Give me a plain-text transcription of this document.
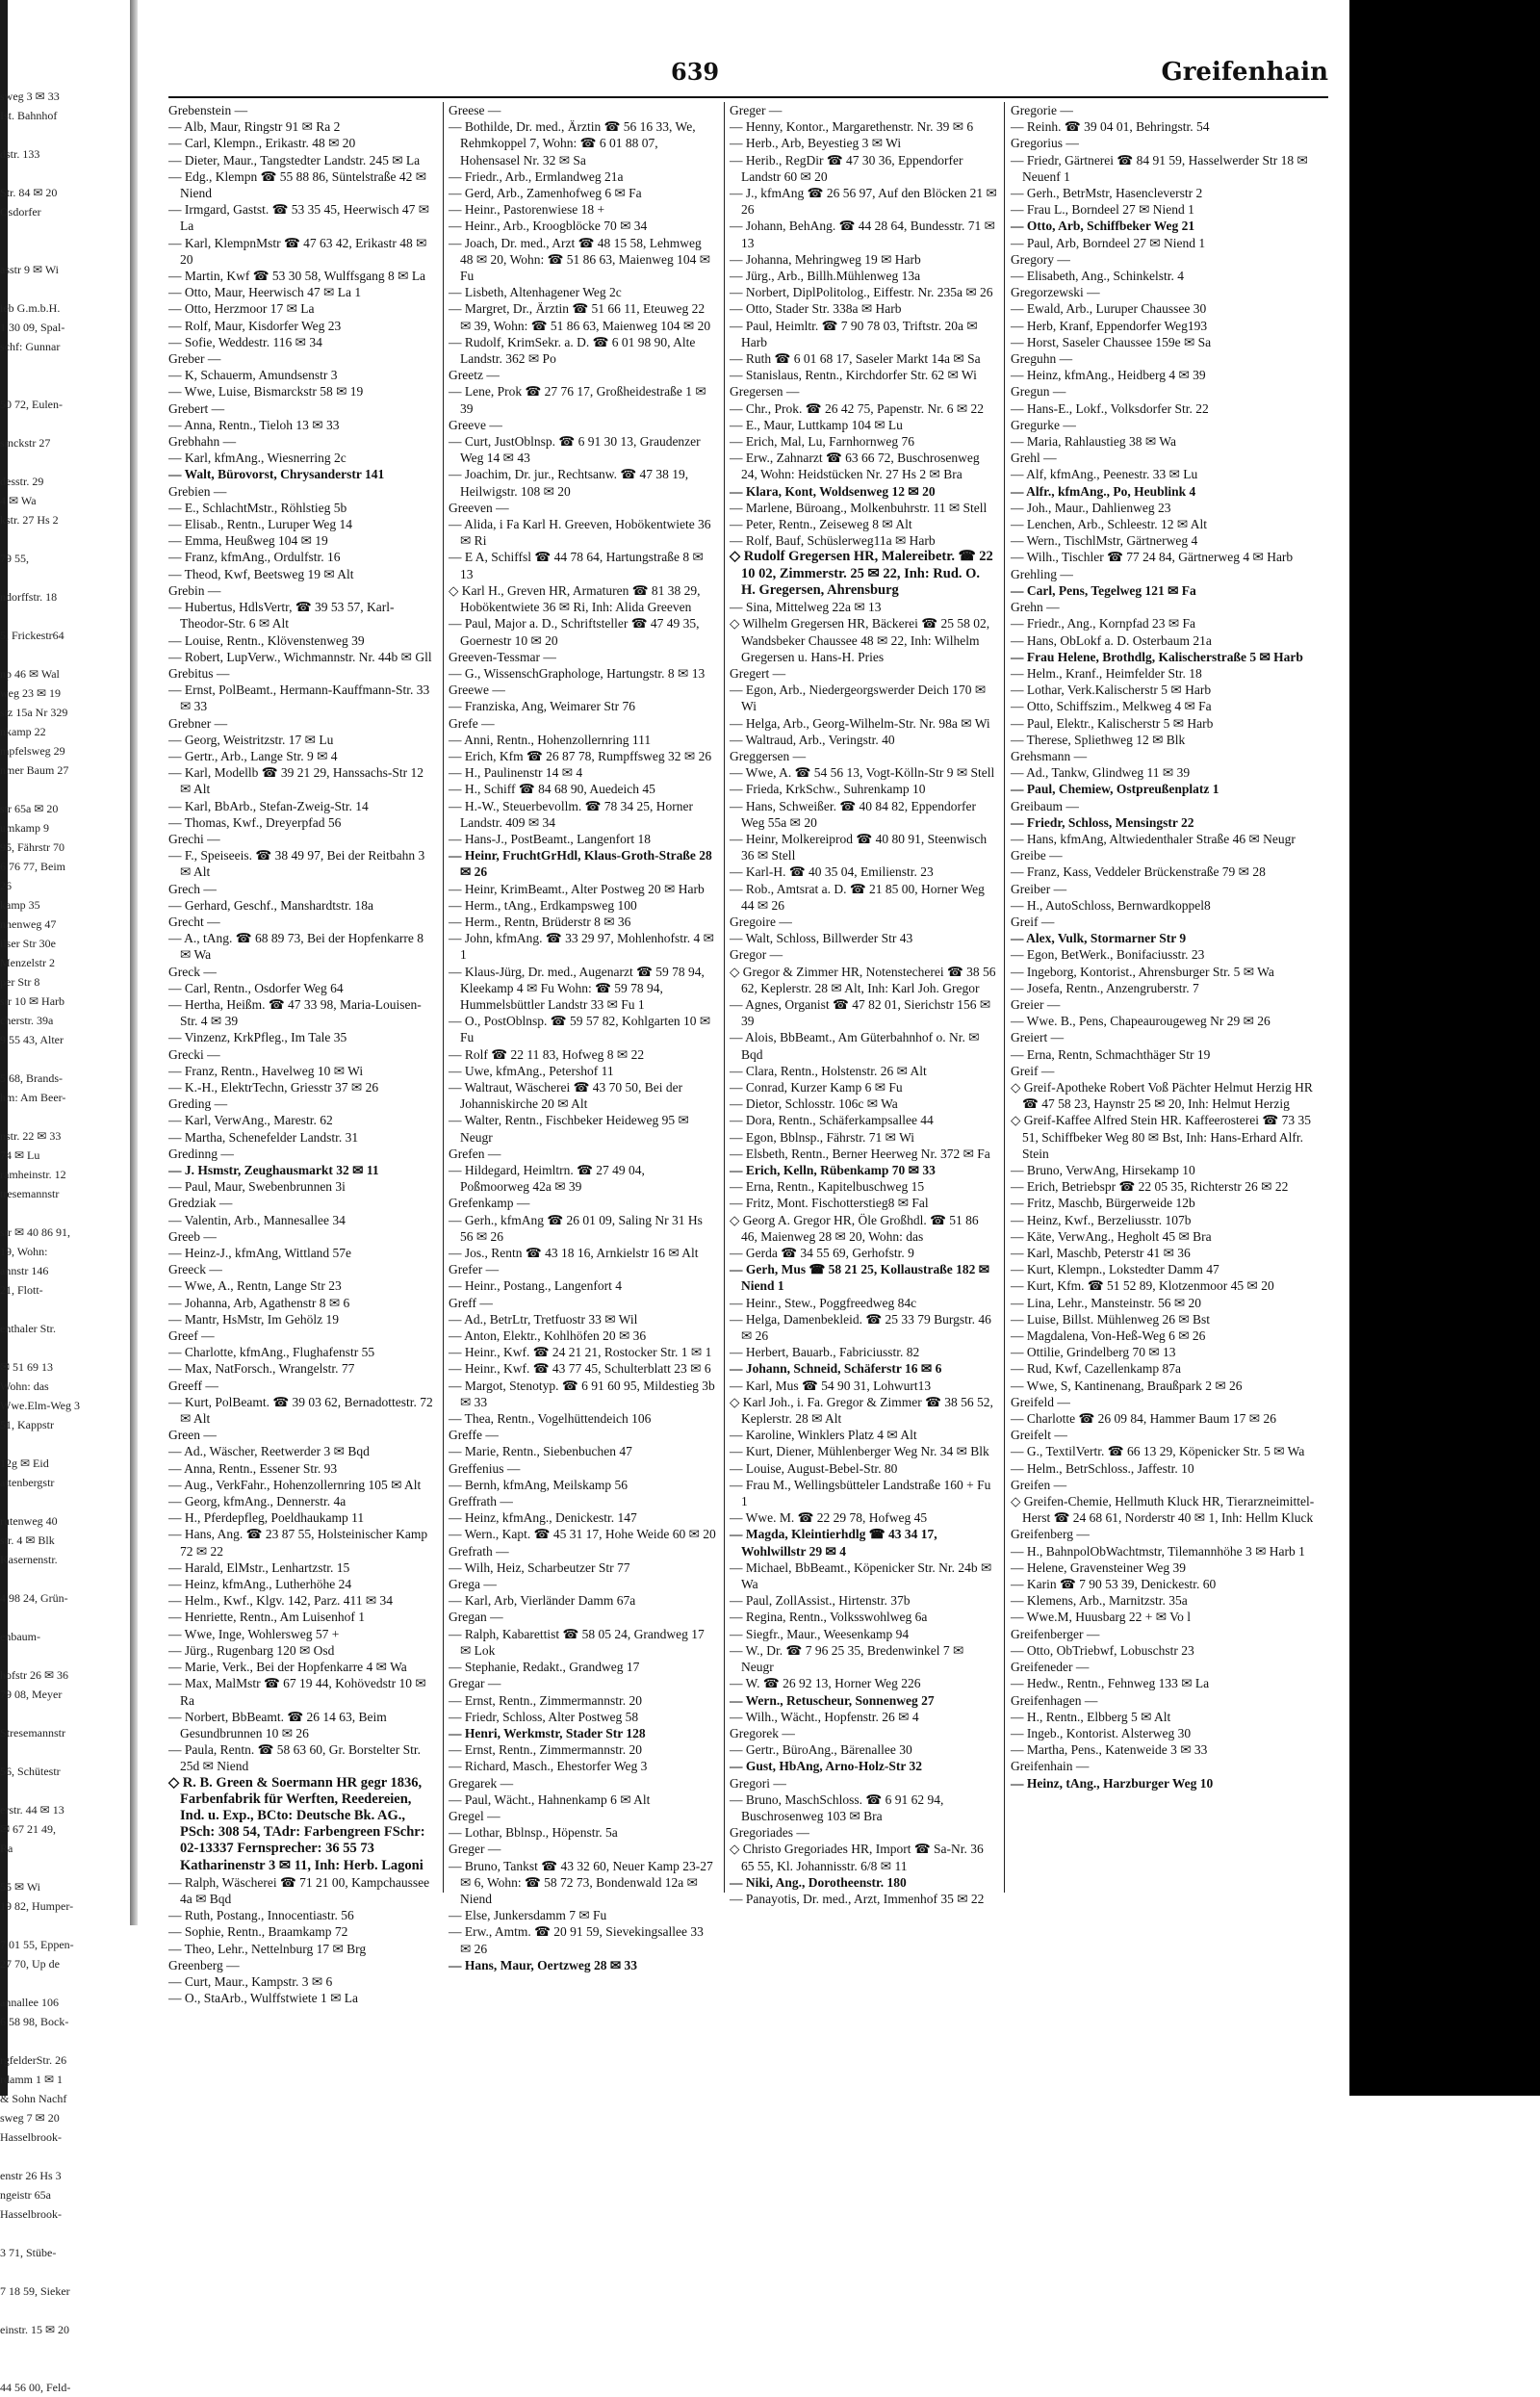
sweg 3 ✉ 33
Ist. Bahnhof

dstr. 133

Str. 84 ✉ 20
Osdorfer

asstr 9 ✉ Wi

ieb G.m.b.H.
1 30 09, Spal-
schf: Gunnar

50 72, Eulen-

sinckstr 27

desstr. 29
4 ✉ Wa
kstr. 27 Hs 2

79 55,

ndorffstr. 18

5, Frickestr64

np 46 ✉ Wal
weg 23 ✉ 19
stz 15a Nr 329
nkamp 22
mpfelsweg 29
nmer Baum 27

str 65a ✉ 20
umkamp 9
95, Fährstr 70
6 76 77, Beim
26
kamp 35
nnenweg 47
ilser Str 30e
Menzelstr 2
per Str 8
str 10 ✉ Harb
cherstr. 39a
9 55 43, Alter

5 68, Brands-
hm: Am Beer-

nstr. 22 ✉ 33
74 ✉ Lu
ramheinstr. 12
tresemannstr

str ✉ 40 86 91,
19, Wohn:
annstr 146
21, Flott-

enthaler Str.

✉ 51 69 13
Wohn: das
Wwe.Elm-Weg 3
51, Kappstr

12g ✉ Eid
attenbergstr

rutenweg 40
str. 4 ✉ Blk
Kasernenstr.

4 98 24, Grün-

enbaum-

hofstr 26 ✉ 36
79 08, Meyer

Stresemannstr

56, Schütestr

erstr. 44 ✉ 13
✉ 67 21 49,
Ra

55 ✉ Wi
19 82, Humper-

7 01 55, Eppen-
27 70, Up de

annallee 106
6 58 98, Bock-

rgfelderStr. 26
rdamm 1 ✉ 1
& Sohn Nachf
sweg 7 ✉ 20
Hasselbrook-

enstr 26 Hs 3
ngeistr 65a
Hasselbrook-

3 71, Stübe-

7 18 59, Sieker

einstr. 15 ✉ 20

44 56 00, Feld-
639	Greifenhain

Grebenstein —

— Alb, Maur, Ringstr 91 ✉ Ra 2

— Carl, Klempn., Erikastr. 48 ✉ 20

— Dieter, Maur., Tangstedter Landstr. 245 ✉ La

— Edg., Klempn ☎ 55 88 86, Süntelstraße 42 ✉ Niend

— Irmgard, Gastst. ☎ 53 35 45, Heerwisch 47 ✉ La

— Karl, KlempnMstr ☎ 47 63 42, Erikastr 48 ✉ 20

— Martin, Kwf ☎ 53 30 58, Wulffsgang 8 ✉ La

— Otto, Maur, Heerwisch 47 ✉ La 1

— Otto, Herzmoor 17 ✉ La

— Rolf, Maur, Kisdorfer Weg 23

— Sofie, Weddestr. 116 ✉ 34

Greber —

— K, Schauerm, Amundsenstr 3

— Wwe, Luise, Bismarckstr 58 ✉ 19

Grebert —

— Anna, Rentn., Tieloh 13 ✉ 33

Grebhahn —

— Karl, kfmAng., Wiesnerring 2c

— Walt, Bürovorst, Chrysanderstr 141

Grebien —

— E., SchlachtMstr., Röhlstieg 5b

— Elisab., Rentn., Luruper Weg 14

— Emma, Heußweg 104 ✉ 19

— Franz, kfmAng., Ordulfstr. 16

— Theod, Kwf, Beetsweg 19 ✉ Alt

Grebin —

— Hubertus, HdlsVertr, ☎ 39 53 57, Karl-Theodor-Str. 6 ✉ Alt

— Louise, Rentn., Klövenstenweg 39

— Robert, LupVerw., Wichmannstr. Nr. 44b ✉ Gll

Grebitus —

— Ernst, PolBeamt., Hermann-Kauffmann-Str. 33 ✉ 33

Grebner —

— Georg, Weistritzstr. 17 ✉ Lu

— Gertr., Arb., Lange Str. 9 ✉ 4

— Karl, Modellb ☎ 39 21 29, Hanssachs-Str 12 ✉ Alt

— Karl, BbArb., Stefan-Zweig-Str. 14

— Thomas, Kwf., Dreyerpfad 56

Grechi —

— F., Speiseeis. ☎ 38 49 97, Bei der Reitbahn 3 ✉ Alt

Grech —

— Gerhard, Geschf., Manshardtstr. 18a

Grecht —

— A., tAng. ☎ 68 89 73, Bei der Hopfenkarre 8 ✉ Wa

Greck —

— Carl, Rentn., Osdorfer Weg 64

— Hertha, Heißm. ☎ 47 33 98, Maria-Louisen-Str. 4 ✉ 39

— Vinzenz, KrkPfleg., Im Tale 35

Grecki —

— Franz, Rentn., Havelweg 10 ✉ Wi

— K.-H., ElektrTechn, Griesstr 37 ✉ 26

Greding —

— Karl, VerwAng., Marestr. 62

— Martha, Schenefelder Landstr. 31

Gredinng —

— J. Hsmstr, Zeughausmarkt 32 ✉ 11

— Paul, Maur, Swebenbrunnen 3i

Gredziak —

— Valentin, Arb., Mannesallee 34

Greeb —

— Heinz-J., kfmAng, Wittland 57e

Greeck —

— Wwe, A., Rentn, Lange Str 23

— Johanna, Arb, Agathenstr 8 ✉ 6

— Mantr, HsMstr, Im Gehölz 19

Greef —

— Charlotte, kfmAng., Flughafenstr 55

— Max, NatForsch., Wrangelstr. 77

Greeff —

— Kurt, PolBeamt. ☎ 39 03 62, Bernadottestr. 72 ✉ Alt

Green —

— Ad., Wäscher, Reetwerder 3 ✉ Bqd

— Anna, Rentn., Essener Str. 93

— Aug., VerkFahr., Hohenzollernring 105 ✉ Alt

— Georg, kfmAng., Dennerstr. 4a

— H., Pferdepfleg, Poeldhaukamp 11

— Hans, Ang. ☎ 23 87 55, Holsteinischer Kamp 72 ✉ 22

— Harald, ElMstr., Lenhartzstr. 15

— Heinz, kfmAng., Lutherhöhe 24

— Helm., Kwf., Klgv. 142, Parz. 411 ✉ 34

— Henriette, Rentn., Am Luisenhof 1

— Wwe, Inge, Wohlersweg 57 +

— Jürg., Rugenbarg 120 ✉ Osd

— Marie, Verk., Bei der Hopfenkarre 4 ✉ Wa

— Max, MalMstr ☎ 67 19 44, Kohövedstr 10 ✉ Ra

— Norbert, BbBeamt. ☎ 26 14 63, Beim Gesundbrunnen 10 ✉ 26

— Paula, Rentn. ☎ 58 63 60, Gr. Borstelter Str. 25d ✉ Niend

◇ R. B. Green & Soermann HR gegr 1836, Farbenfabrik für Werften, Reedereien, Ind. u. Exp., BCto: Deutsche Bk. AG., PSch: 308 54, TAdr: Farbengreen FSchr: 02-13337 Fernsprecher: 36 55 73 Katharinenstr 3 ✉ 11, Inh: Herb. Lagoni

— Ralph, Wäscherei ☎ 71 21 00, Kampchaussee 4a ✉ Bqd

— Ruth, Postang., Innocentiastr. 56

— Sophie, Rentn., Braamkamp 72

— Theo, Lehr., Nettelnburg 17 ✉ Brg

Greenberg —

— Curt, Maur., Kampstr. 3 ✉ 6

— O., StaArb., Wulffstwiete 1 ✉ La

Greese —

— Bothilde, Dr. med., Ärztin ☎ 56 16 33, We, Rehmkoppel 7, Wohn: ☎ 6 01 88 07, Hohensasel Nr. 32 ✉ Sa

— Friedr., Arb., Ermlandweg 21a

— Gerd, Arb., Zamenhofweg 6 ✉ Fa

— Heinr., Pastorenwiese 18 +

— Heinr., Arb., Kroogblöcke 70 ✉ 34

— Joach, Dr. med., Arzt ☎ 48 15 58, Lehmweg 48 ✉ 20, Wohn: ☎ 51 86 63, Maienweg 104 ✉ Fu

— Lisbeth, Altenhagener Weg 2c

— Margret, Dr., Ärztin ☎ 51 66 11, Eteuweg 22 ✉ 39, Wohn: ☎ 51 86 63, Maienweg 104 ✉ 20

— Rudolf, KrimSekr. a. D. ☎ 6 01 98 90, Alte Landstr. 362 ✉ Po

Greetz —

— Lene, Prok ☎ 27 76 17, Großheidestraße 1 ✉ 39

Greeve —

— Curt, JustOblnsp. ☎ 6 91 30 13, Graudenzer Weg 14 ✉ 43

— Joachim, Dr. jur., Rechtsanw. ☎ 47 38 19, Heilwigstr. 108 ✉ 20

Greeven —

— Alida, i Fa Karl H. Greeven, Hobökentwiete 36 ✉ Ri

— E A, Schiffsl ☎ 44 78 64, Hartungstraße 8 ✉ 13

◇ Karl H., Greven HR, Armaturen ☎ 81 38 29, Hobökentwiete 36 ✉ Ri, Inh: Alida Greeven

— Paul, Major a. D., Schriftsteller ☎ 47 49 35, Goernestr 10 ✉ 20

Greeven-Tessmar —

— G., WissenschGraphologe, Hartungstr. 8 ✉ 13

Greewe —

— Franziska, Ang, Weimarer Str 76

Grefe —

— Anni, Rentn., Hohenzollernring 111

— Erich, Kfm ☎ 26 87 78, Rumpffsweg 32 ✉ 26

— H., Paulinenstr 14 ✉ 4

— H., Schiff ☎ 84 68 90, Auedeich 45

— H.-W., Steuerbevollm. ☎ 78 34 25, Horner Landstr. 409 ✉ 34

— Hans-J., PostBeamt., Langenfort 18

— Heinr, FruchtGrHdl, Klaus-Groth-Straße 28 ✉ 26

— Heinr, KrimBeamt., Alter Postweg 20 ✉ Harb

— Herm., tAng., Erdkampsweg 100

— Herm., Rentn, Brüderstr 8 ✉ 36

— John, kfmAng. ☎ 33 29 97, Mohlenhofstr. 4 ✉ 1

— Klaus-Jürg, Dr. med., Augenarzt ☎ 59 78 94, Kleekamp 4 ✉ Fu Wohn: ☎ 59 78 94, Hummelsbüttler Landstr 33 ✉ Fu 1

— O., PostOblnsp. ☎ 59 57 82, Kohlgarten 10 ✉ Fu

— Rolf ☎ 22 11 83, Hofweg 8 ✉ 22

— Uwe, kfmAng., Petershof 11

— Waltraut, Wäscherei ☎ 43 70 50, Bei der Johanniskirche 20 ✉ Alt

— Walter, Rentn., Fischbeker Heideweg 95 ✉ Neugr

Grefen —

— Hildegard, Heimltrn. ☎ 27 49 04, Poßmoorweg 42a ✉ 39

Grefenkamp —

— Gerh., kfmAng ☎ 26 01 09, Saling Nr 31 Hs 56 ✉ 26

— Jos., Rentn ☎ 43 18 16, Arnkielstr 16 ✉ Alt

Grefer —

— Heinr., Postang., Langenfort 4

Greff —

— Ad., BetrLtr, Tretfuostr 33 ✉ Wil

— Anton, Elektr., Kohlhöfen 20 ✉ 36

— Heinr., Kwf. ☎ 24 21 21, Rostocker Str. 1 ✉ 1

— Heinr., Kwf. ☎ 43 77 45, Schulterblatt 23 ✉ 6

— Margot, Stenotyp. ☎ 6 91 60 95, Mildestieg 3b ✉ 33

— Thea, Rentn., Vogelhüttendeich 106

Greffe —

— Marie, Rentn., Siebenbuchen 47

Greffenius —

— Bernh, kfmAng, Meilskamp 56

Greffrath —

— Heinz, kfmAng., Denickestr. 147

— Wern., Kapt. ☎ 45 31 17, Hohe Weide 60 ✉ 20

Grefrath —

— Wilh, Heiz, Scharbeutzer Str 77

Grega —

— Karl, Arb, Vierländer Damm 67a

Gregan —

— Ralph, Kabarettist ☎ 58 05 24, Grandweg 17 ✉ Lok

— Stephanie, Redakt., Grandweg 17

Gregar —

— Ernst, Rentn., Zimmermannstr. 20

— Friedr, Schloss, Alter Postweg 58

— Henri, Werkmstr, Stader Str 128

— Ernst, Rentn., Zimmermannstr. 20

— Richard, Masch., Ehestorfer Weg 3

Gregarek —

— Paul, Wächt., Hahnenkamp 6 ✉ Alt

Gregel —

— Lothar, Bblnsp., Höpenstr. 5a

Greger —

— Bruno, Tankst ☎ 43 32 60, Neuer Kamp 23-27 ✉ 6, Wohn: ☎ 58 72 73, Bondenwald 12a ✉ Niend

— Else, Junkersdamm 7 ✉ Fu

— Erw., Amtm. ☎ 20 91 59, Sievekingsallee 33 ✉ 26

— Hans, Maur, Oertzweg 28 ✉ 33

Greger —

— Henny, Kontor., Margarethenstr. Nr. 39 ✉ 6

— Herb., Arb, Beyestieg 3 ✉ Wi

— Herib., RegDir ☎ 47 30 36, Eppendorfer Landstr 60 ✉ 20

— J., kfmAng ☎ 26 56 97, Auf den Blöcken 21 ✉ 26

— Johann, BehAng. ☎ 44 28 64, Bundesstr. 71 ✉ 13

— Johanna, Mehringweg 19 ✉ Harb

— Jürg., Arb., Billh.Mühlenweg 13a

— Norbert, DiplPolitolog., Eiffestr. Nr. 235a ✉ 26

— Otto, Stader Str. 338a ✉ Harb

— Paul, Heimltr. ☎ 7 90 78 03, Triftstr. 20a ✉ Harb

— Ruth ☎ 6 01 68 17, Saseler Markt 14a ✉ Sa

— Stanislaus, Rentn., Kirchdorfer Str. 62 ✉ Wi

Gregersen —

— Chr., Prok. ☎ 26 42 75, Papenstr. Nr. 6 ✉ 22

— E., Maur, Luttkamp 104 ✉ Lu

— Erich, Mal, Lu, Farnhornweg 76

— Erw., Zahnarzt ☎ 63 66 72, Buschrosenweg 24, Wohn: Heidstücken Nr. 27 Hs 2 ✉ Bra

— Klara, Kont, Woldsenweg 12 ✉ 20

— Marlene, Büroang., Molkenbuhrstr. 11 ✉ Stell

— Peter, Rentn., Zeiseweg 8 ✉ Alt

— Rolf, Bauf, Schüslerweg11a ✉ Harb

◇ Rudolf Gregersen HR, Malereibetr. ☎ 22 10 02, Zimmerstr. 25 ✉ 22, Inh: Rud. O. H. Gregersen, Ahrensburg

— Sina, Mittelweg 22a ✉ 13

◇ Wilhelm Gregersen HR, Bäckerei ☎ 25 58 02, Wandsbeker Chaussee 48 ✉ 22, Inh: Wilhelm Gregersen u. Hans-H. Pries

Gregert —

— Egon, Arb., Niedergeorgswerder Deich 170 ✉ Wi

— Helga, Arb., Georg-Wilhelm-Str. Nr. 98a ✉ Wi

— Waltraud, Arb., Veringstr. 40

Greggersen —

— Wwe, A. ☎ 54 56 13, Vogt-Kölln-Str 9 ✉ Stell

— Frieda, KrkSchw., Suhrenkamp 10

— Hans, Schweißer. ☎ 40 84 82, Eppendorfer Weg 55a ✉ 20

— Heinr, Molkereiprod ☎ 40 80 91, Steenwisch 36 ✉ Stell

— Karl-H. ☎ 40 35 04, Emilienstr. 23

— Rob., Amtsrat a. D. ☎ 21 85 00, Horner Weg 44 ✉ 26

Gregoire —

— Walt, Schloss, Billwerder Str 43

Gregor —

◇ Gregor & Zimmer HR, Notenstecherei ☎ 38 56 62, Keplerstr. 28 ✉ Alt, Inh: Karl Joh. Gregor

— Agnes, Organist ☎ 47 82 01, Sierichstr 156 ✉ 39

— Alois, BbBeamt., Am Güterbahnhof o. Nr. ✉ Bqd

— Clara, Rentn., Holstenstr. 26 ✉ Alt

— Conrad, Kurzer Kamp 6 ✉ Fu

— Dietor, Schlosstr. 106c ✉ Wa

— Dora, Rentn., Schäferkampsallee 44

— Egon, Bblnsp., Fährstr. 71 ✉ Wi

— Elsbeth, Rentn., Berner Heerweg Nr. 372 ✉ Fa

— Erich, Kelln, Rübenkamp 70 ✉ 33

— Erna, Rentn., Kapitelbuschweg 15

— Fritz, Mont. Fischotterstieg8 ✉ Fal

◇ Georg A. Gregor HR, Öle Großhdl. ☎ 51 86 46, Maienweg 28 ✉ 20, Wohn: das

— Gerda ☎ 34 55 69, Gerhofstr. 9

— Gerh, Mus ☎ 58 21 25, Kollaustraße 182 ✉ Niend 1

— Heinr., Stew., Poggfreedweg 84c

— Helga, Damenbekleid. ☎ 25 33 79 Burgstr. 46 ✉ 26

— Herbert, Bauarb., Fabriciusstr. 82

— Johann, Schneid, Schäferstr 16 ✉ 6

— Karl, Mus ☎ 54 90 31, Lohwurt13

◇ Karl Joh., i. Fa. Gregor & Zimmer ☎ 38 56 52, Keplerstr. 28 ✉ Alt

— Karoline, Winklers Platz 4 ✉ Alt

— Kurt, Diener, Mühlenberger Weg Nr. 34 ✉ Blk

— Louise, August-Bebel-Str. 80

— Frau M., Wellingsbütteler Landstraße 160 + Fu 1

— Wwe. M. ☎ 22 29 78, Hofweg 45

— Magda, Kleintierhdlg ☎ 43 34 17, Wohlwillstr 29 ✉ 4

— Michael, BbBeamt., Köpenicker Str. Nr. 24b ✉ Wa

— Paul, ZollAssist., Hirtenstr. 37b

— Regina, Rentn., Volksswohlweg 6a

— Siegfr., Maur., Weesenkamp 94

— W., Dr. ☎ 7 96 25 35, Bredenwinkel 7 ✉ Neugr

— W. ☎ 26 92 13, Horner Weg 226

— Wern., Retuscheur, Sonnenweg 27

— Wilh., Wächt., Hopfenstr. 26 ✉ 4

Gregorek —

— Gertr., BüroAng., Bärenallee 30

— Gust, HbAng, Arno-Holz-Str 32

Gregori —

— Bruno, MaschSchloss. ☎ 6 91 62 94, Buschrosenweg 103 ✉ Bra

Gregoriades —

◇ Christo Gregoriades HR, Import ☎ Sa-Nr. 36 65 55, Kl. Johannisstr. 6/8 ✉ 11

— Niki, Ang., Dorotheenstr. 180

— Panayotis, Dr. med., Arzt, Immenhof 35 ✉ 22

Gregorie —

— Reinh. ☎ 39 04 01, Behringstr. 54

Gregorius —

— Friedr, Gärtnerei ☎ 84 91 59, Hasselwerder Str 18 ✉ Neuenf 1

— Gerh., BetrMstr, Hasencleverstr 2

— Frau L., Borndeel 27 ✉ Niend 1

— Otto, Arb, Schiffbeker Weg 21

— Paul, Arb, Borndeel 27 ✉ Niend 1

Gregory —

— Elisabeth, Ang., Schinkelstr. 4

Gregorzewski —

— Ewald, Arb., Luruper Chaussee 30

— Herb, Kranf, Eppendorfer Weg193

— Horst, Saseler Chaussee 159e ✉ Sa

Greguhn —

— Heinz, kfmAng., Heidberg 4 ✉ 39

Gregun —

— Hans-E., Lokf., Volksdorfer Str. 22

Gregurke —

— Maria, Rahlaustieg 38 ✉ Wa

Grehl —

— Alf, kfmAng., Peenestr. 33 ✉ Lu

— Alfr., kfmAng., Po, Heublink 4

— Joh., Maur., Dahlienweg 23

— Lenchen, Arb., Schleestr. 12 ✉ Alt

— Wern., TischlMstr, Gärtnerweg 4

— Wilh., Tischler ☎ 77 24 84, Gärtnerweg 4 ✉ Harb

Grehling —

— Carl, Pens, Tegelweg 121 ✉ Fa

Grehn —

— Friedr., Ang., Kornpfad 23 ✉ Fa

— Hans, ObLokf a. D. Osterbaum 21a

— Frau Helene, Brothdlg, Kalischerstraße 5 ✉ Harb

— Helm., Kranf., Heimfelder Str. 18

— Lothar, Verk.Kalischerstr 5 ✉ Harb

— Otto, Schiffszim., Melkweg 4 ✉ Fa

— Paul, Elektr., Kalischerstr 5 ✉ Harb

— Therese, Spliethweg 12 ✉ Blk

Grehsmann —

— Ad., Tankw, Glindweg 11 ✉ 39

— Paul, Chemiew, Ostpreußenplatz 1

Greibaum —

— Friedr, Schloss, Mensingstr 22

— Hans, kfmAng, Altwiedenthaler Straße 46 ✉ Neugr

Greibe —

— Franz, Kass, Veddeler Brückenstraße 79 ✉ 28

Greiber —

— H., AutoSchloss, Bernwardkoppel8

Greif —

— Alex, Vulk, Stormarner Str 9

— Egon, BetWerk., Bonifaciusstr. 23

— Ingeborg, Kontorist., Ahrensburger Str. 5 ✉ Wa

— Josefa, Rentn., Anzengruberstr. 7

Greier —

— Wwe. B., Pens, Chapeaurougeweg Nr 29 ✉ 26

Greiert —

— Erna, Rentn, Schmachthäger Str 19

Greif —

◇ Greif-Apotheke Robert Voß Pächter Helmut Herzig HR ☎ 47 58 23, Haynstr 25 ✉ 20, Inh: Helmut Herzig

◇ Greif-Kaffee Alfred Stein HR. Kaffeerosterei ☎ 73 35 51, Schiffbeker Weg 80 ✉ Bst, Inh: Hans-Erhard Alfr. Stein

— Bruno, VerwAng, Hirsekamp 10

— Erich, Betriebspr ☎ 22 05 35, Richterstr 26 ✉ 22

— Fritz, Maschb, Bürgerweide 12b

— Heinz, Kwf., Berzeliusstr. 107b

— Käte, VerwAng., Hegholt 45 ✉ Bra

— Karl, Maschb, Peterstr 41 ✉ 36

— Kurt, Klempn., Lokstedter Damm 47

— Kurt, Kfm. ☎ 51 52 89, Klotzenmoor 45 ✉ 20

— Lina, Lehr., Mansteinstr. 56 ✉ 20

— Luise, Billst. Mühlenweg 26 ✉ Bst

— Magdalena, Von-Heß-Weg 6 ✉ 26

— Ottilie, Grindelberg 70 ✉ 13

— Rud, Kwf, Cazellenkamp 87a

— Wwe, S, Kantinenang, Braußpark 2 ✉ 26

Greifeld —

— Charlotte ☎ 26 09 84, Hammer Baum 17 ✉ 26

Greifelt —

— G., TextilVertr. ☎ 66 13 29, Köpenicker Str. 5 ✉ Wa

— Helm., BetrSchloss., Jaffestr. 10

Greifen —

◇ Greifen-Chemie, Hellmuth Kluck HR, Tierarzneimittel-Herst ☎ 24 68 61, Norderstr 40 ✉ 1, Inh: Hellm Kluck

Greifenberg —

— H., BahnpolObWachtmstr, Tilemannhöhe 3 ✉ Harb 1

— Helene, Gravensteiner Weg 39

— Karin ☎ 7 90 53 39, Denickestr. 60

— Klemens, Arb., Marnitzstr. 35a

— Wwe.M, Huusbarg 22 + ✉ Vo l

Greifenberger —

— Otto, ObTriebwf, Lobuschstr 23

Greifeneder —

— Hedw., Rentn., Fehnweg 133 ✉ La

Greifenhagen —

— H., Rentn., Elbberg 5 ✉ Alt

— Ingeb., Kontorist. Alsterweg 30

— Martha, Pens., Katenweide 3 ✉ 33

Greifenhain —

— Heinz, tAng., Harzburger Weg 10
